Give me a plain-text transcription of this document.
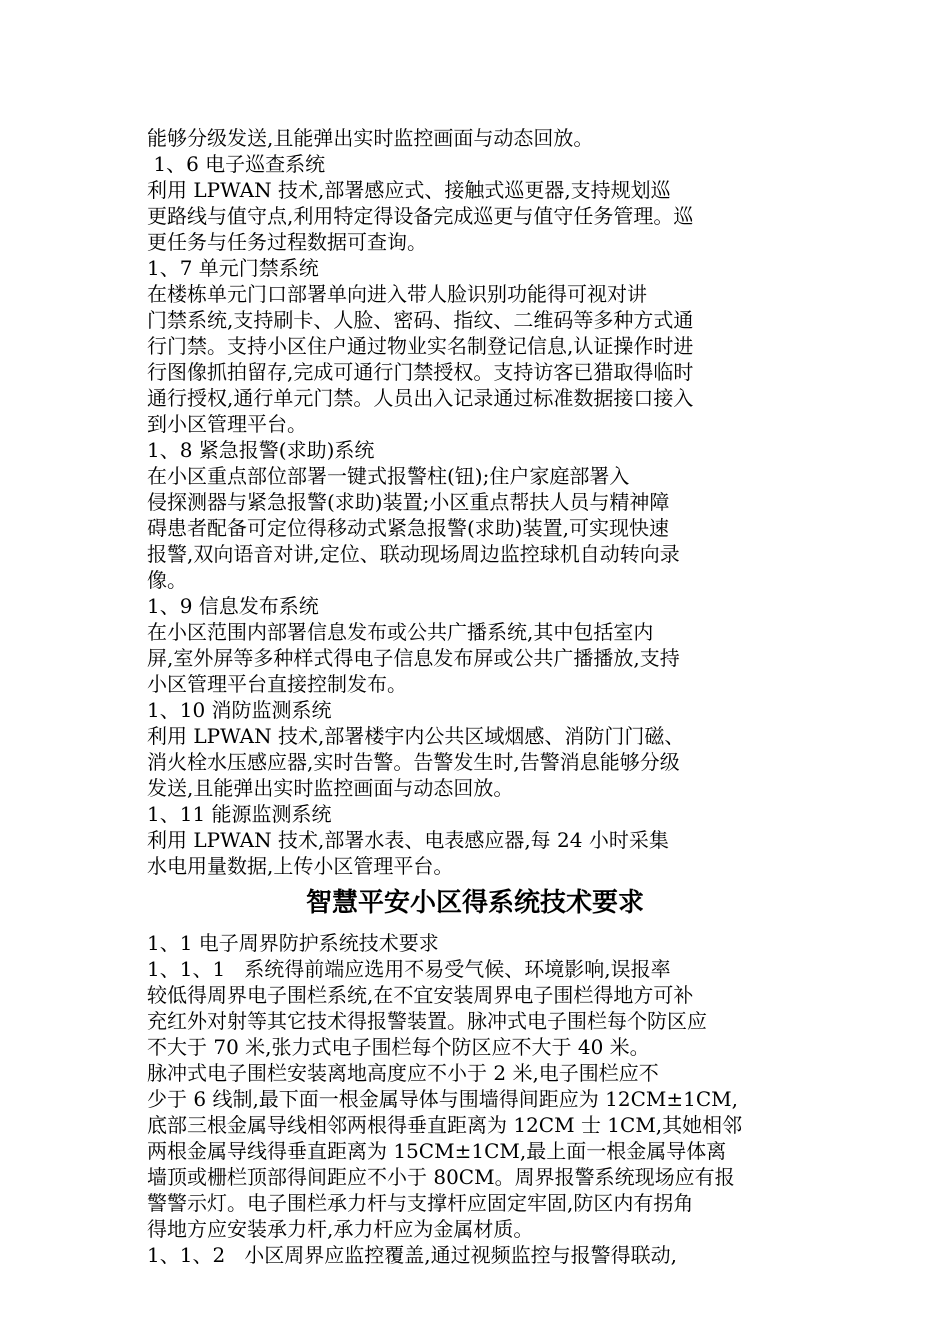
能够分级发送,且能弹出实时监控画面与动态回放。
1、6 电子巡查系统
利用 LPWAN 技术,部署感应式、接触式巡更器,支持规划巡
更路线与值守点,利用特定得设备完成巡更与值守任务管理。巡
更任务与任务过程数据可查询。
1、7 单元门禁系统
在楼栋单元门口部署单向进入带人脸识别功能得可视对讲
门禁系统,支持刷卡、人脸、密码、指纹、二维码等多种方式通
行门禁。支持小区住户通过物业实名制登记信息,认证操作时进
行图像抓拍留存,完成可通行门禁授权。支持访客已猎取得临时
通行授权,通行单元门禁。人员出入记录通过标准数据接口接入
到小区管理平台。
1、8 紧急报警(求助)系统
在小区重点部位部署一键式报警柱(钮);住户家庭部署入
侵探测器与紧急报警(求助)装置;小区重点帮扶人员与精神障
碍患者配备可定位得移动式紧急报警(求助)装置,可实现快速
报警,双向语音对讲,定位、联动现场周边监控球机自动转向录
像。
1、9 信息发布系统
在小区范围内部署信息发布或公共广播系统,其中包括室内
屏,室外屏等多种样式得电子信息发布屏或公共广播播放,支持
小区管理平台直接控制发布。
1、10 消防监测系统
利用 LPWAN 技术,部署楼宇内公共区域烟感、消防门门磁、
消火栓水压感应器,实时告警。告警发生时,告警消息能够分级
发送,且能弹出实时监控画面与动态回放。
1、11 能源监测系统
利用 LPWAN 技术,部署水表、电表感应器,每 24 小时采集
水电用量数据,上传小区管理平台。
智慧平安小区得系统技术要求
1、1 电子周界防护系统技术要求
1、1、1   系统得前端应选用不易受气候、环境影响,误报率
较低得周界电子围栏系统,在不宜安装周界电子围栏得地方可补
充红外对射等其它技术得报警装置。脉冲式电子围栏每个防区应
不大于 70 米,张力式电子围栏每个防区应不大于 40 米。
脉冲式电子围栏安装离地高度应不小于 2 米,电子围栏应不
少于 6 线制,最下面一根金属导体与围墙得间距应为 12CM±1CM,
底部三根金属导线相邻两根得垂直距离为 12CM 士 1CM,其她相邻
两根金属导线得垂直距离为 15CM±1CM,最上面一根金属导体离
墙顶或栅栏顶部得间距应不小于 80CM。周界报警系统现场应有报
警警示灯。电子围栏承力杆与支撑杆应固定牢固,防区内有拐角
得地方应安装承力杆,承力杆应为金属材质。
1、1、2   小区周界应监控覆盖,通过视频监控与报警得联动,
